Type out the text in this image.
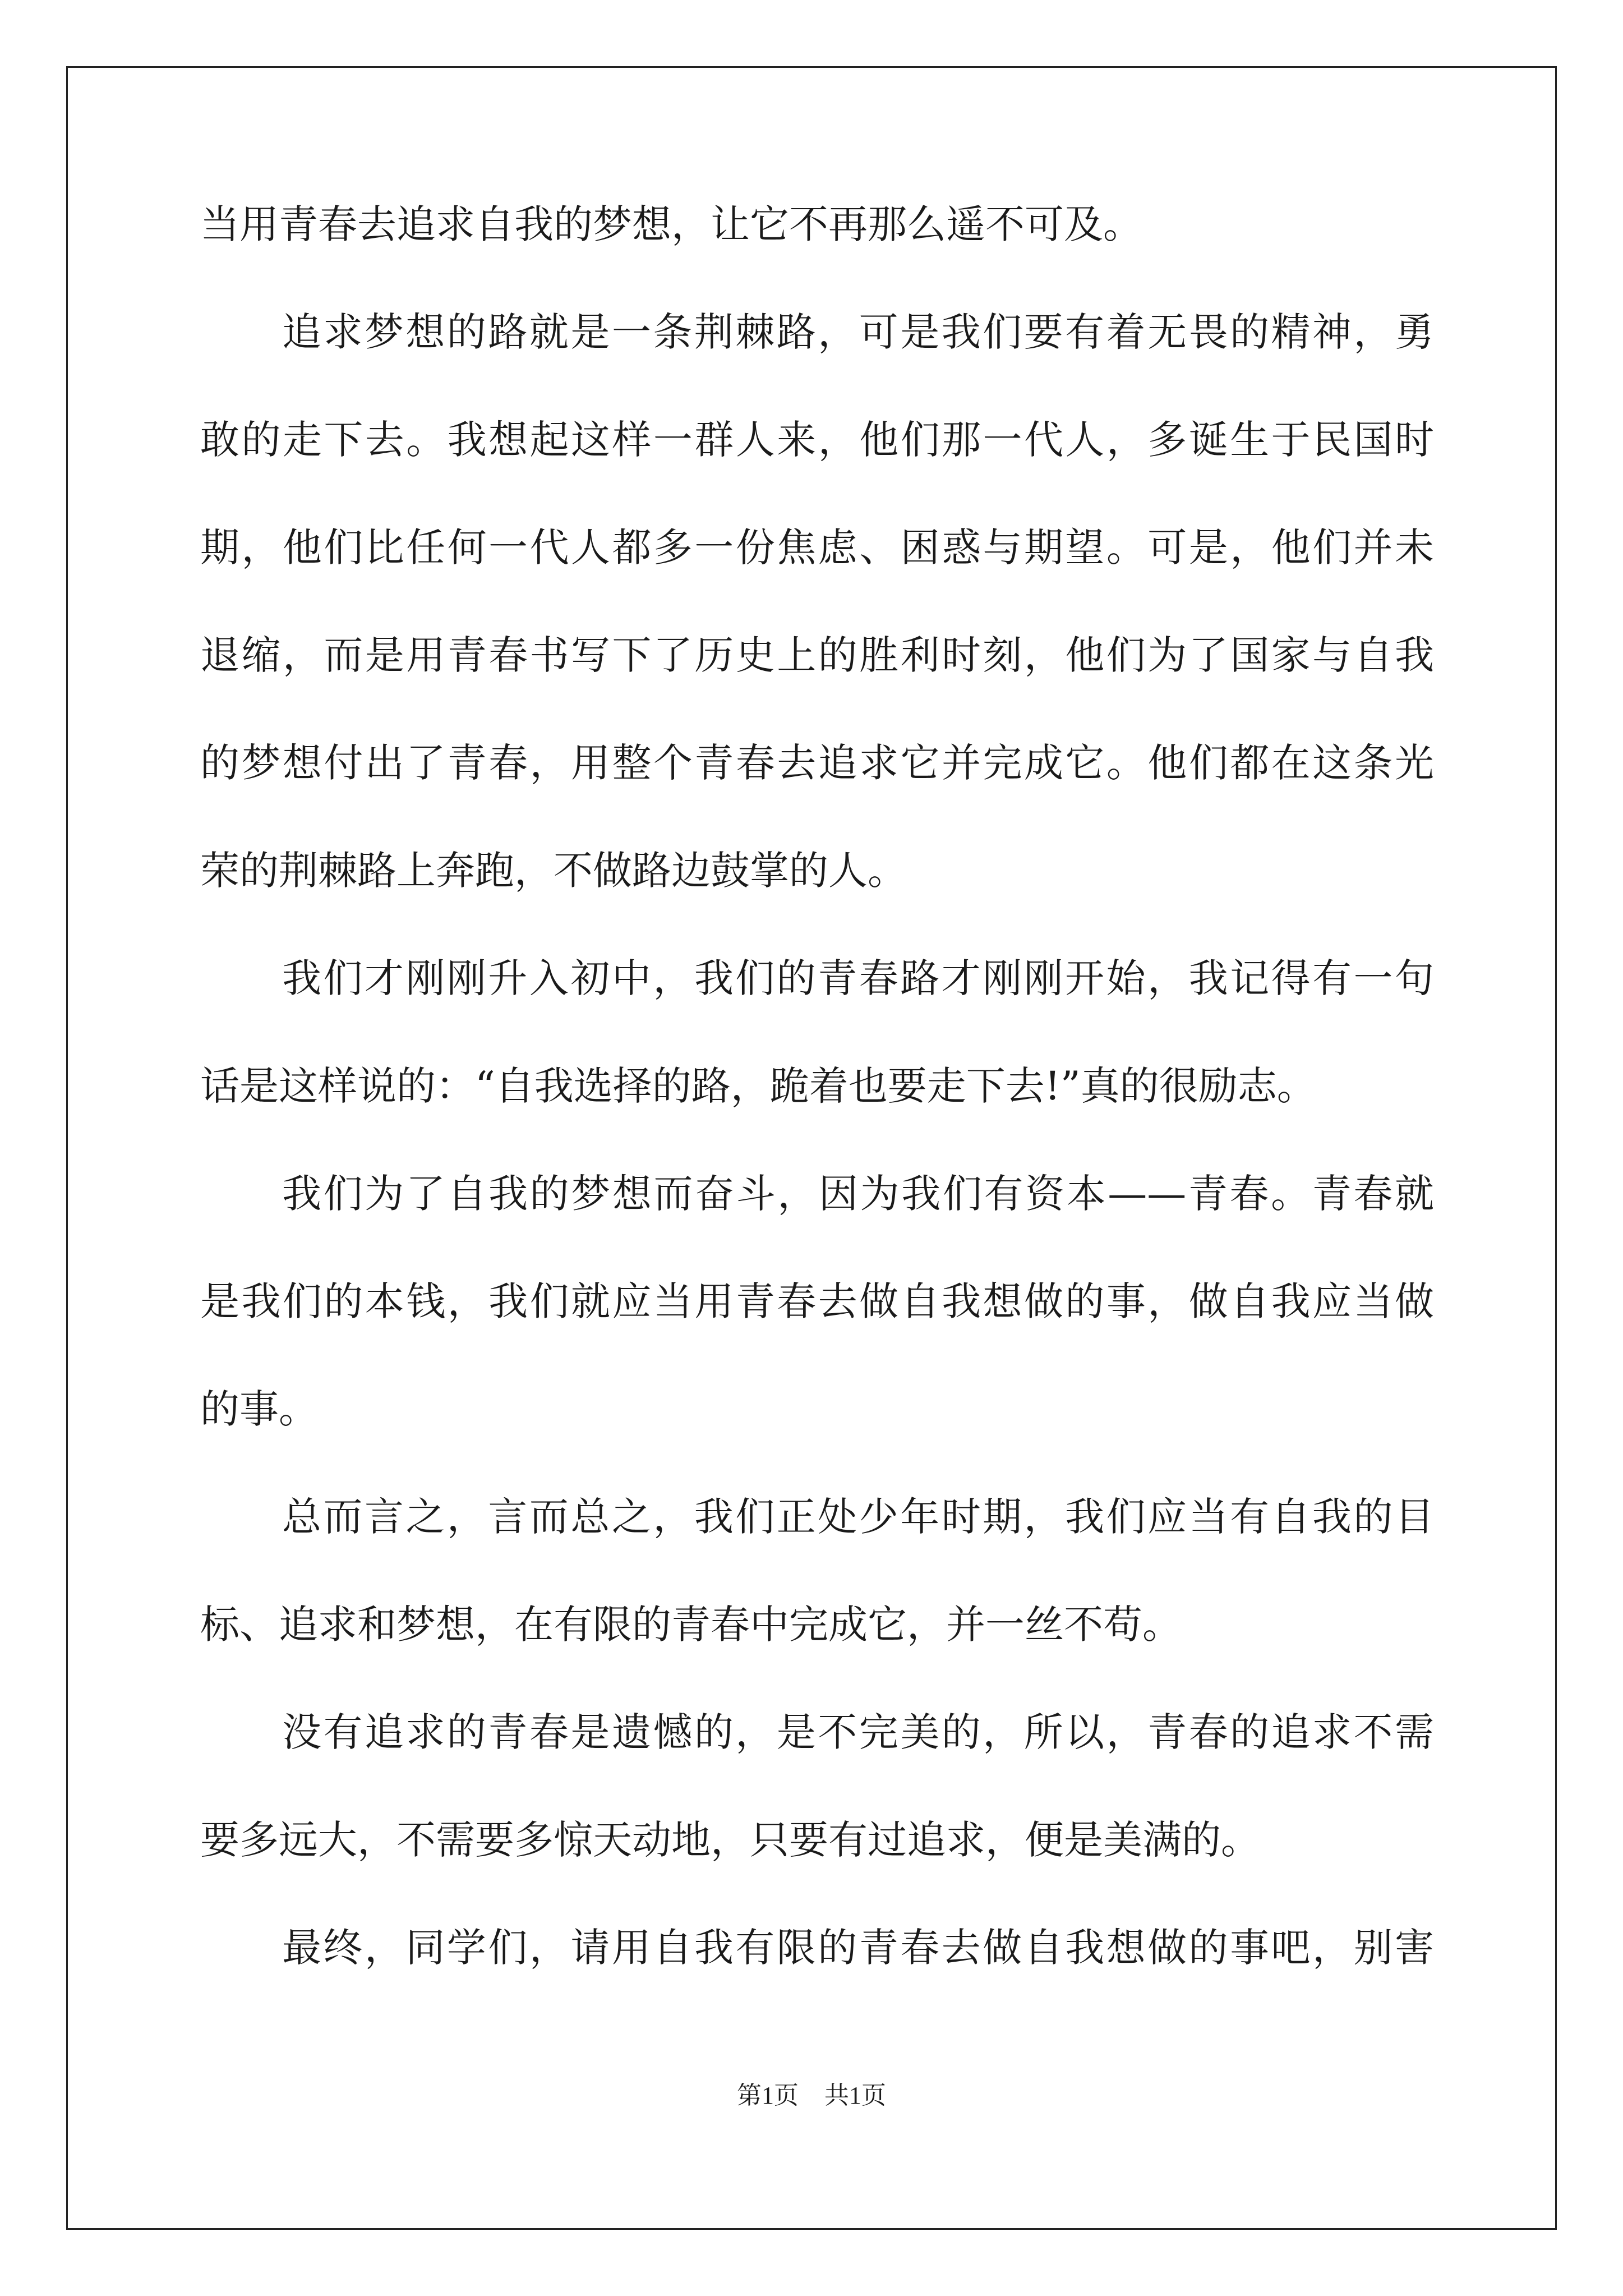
当用青春去追求自我的梦想，让它不再那么遥不可及。
追求梦想的路就是一条荆棘路，可是我们要有着无畏的精神，勇
敢的走下去。我想起这样一群人来，他们那一代人，多诞生于民国时
期，他们比任何一代人都多一份焦虑、困惑与期望。可是，他们并未
退缩，而是用青春书写下了历史上的胜利时刻，他们为了国家与自我
的梦想付出了青春，用整个青春去追求它并完成它。他们都在这条光
荣的荆棘路上奔跑，不做路边鼓掌的人。
我们才刚刚升入初中，我们的青春路才刚刚开始，我记得有一句
话是这样说的：“自我选择的路，跪着也要走下去!”真的很励志。
我们为了自我的梦想而奋斗，因为我们有资本——青春。青春就
是我们的本钱，我们就应当用青春去做自我想做的事，做自我应当做
的事。
总而言之，言而总之，我们正处少年时期，我们应当有自我的目
标、追求和梦想，在有限的青春中完成它，并一丝不苟。
没有追求的青春是遗憾的，是不完美的，所以，青春的追求不需
要多远大，不需要多惊天动地，只要有过追求，便是美满的。
最终，同学们，请用自我有限的青春去做自我想做的事吧，别害
第1页 共1页
